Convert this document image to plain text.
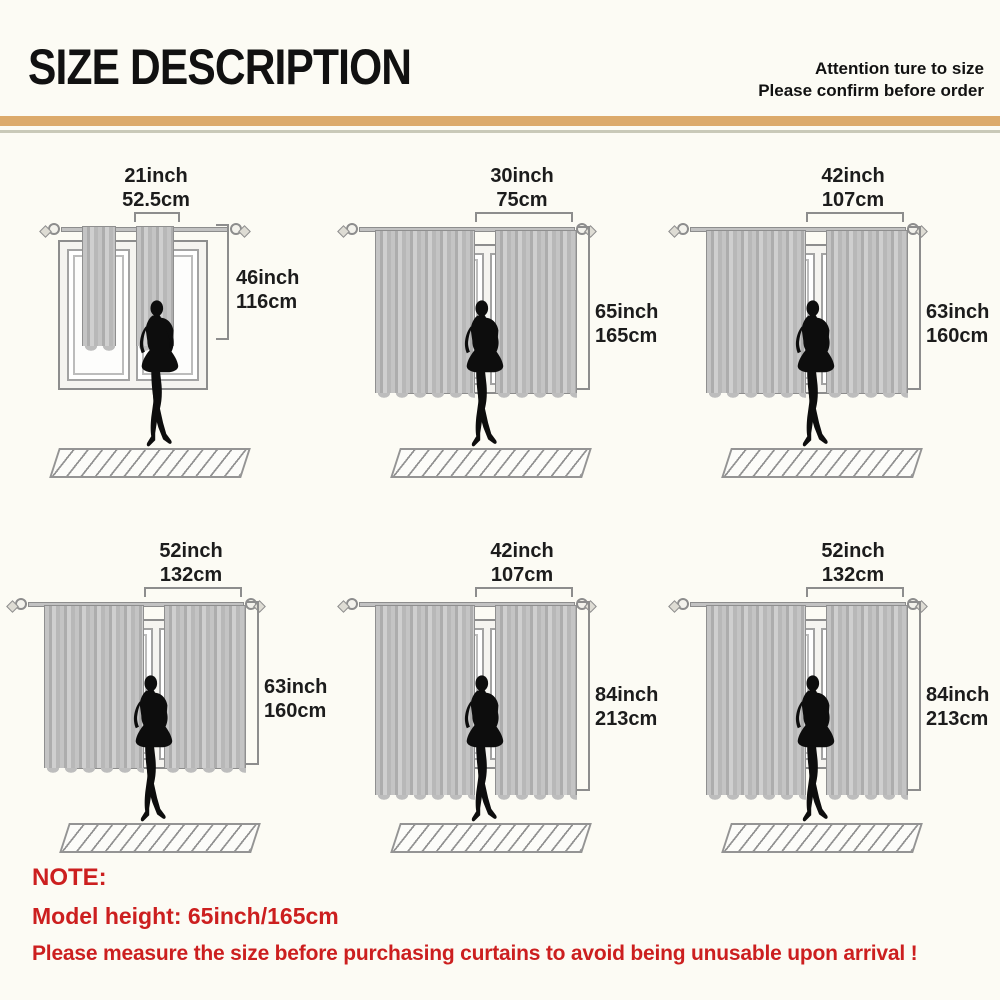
SIZE DESCRIPTION	Attention ture to size
Please confirm before order
21inch
52.5cm
46inch
116cm
30inch
75cm
65inch
165cm
42inch
107cm
63inch
160cm
52inch
132cm
63inch
160cm
42inch
107cm
84inch
213cm
52inch
132cm
84inch
213cm
NOTE:
Model height: 65inch/165cm
Please measure the size before purchasing curtains to avoid being unusable upon arrival !
